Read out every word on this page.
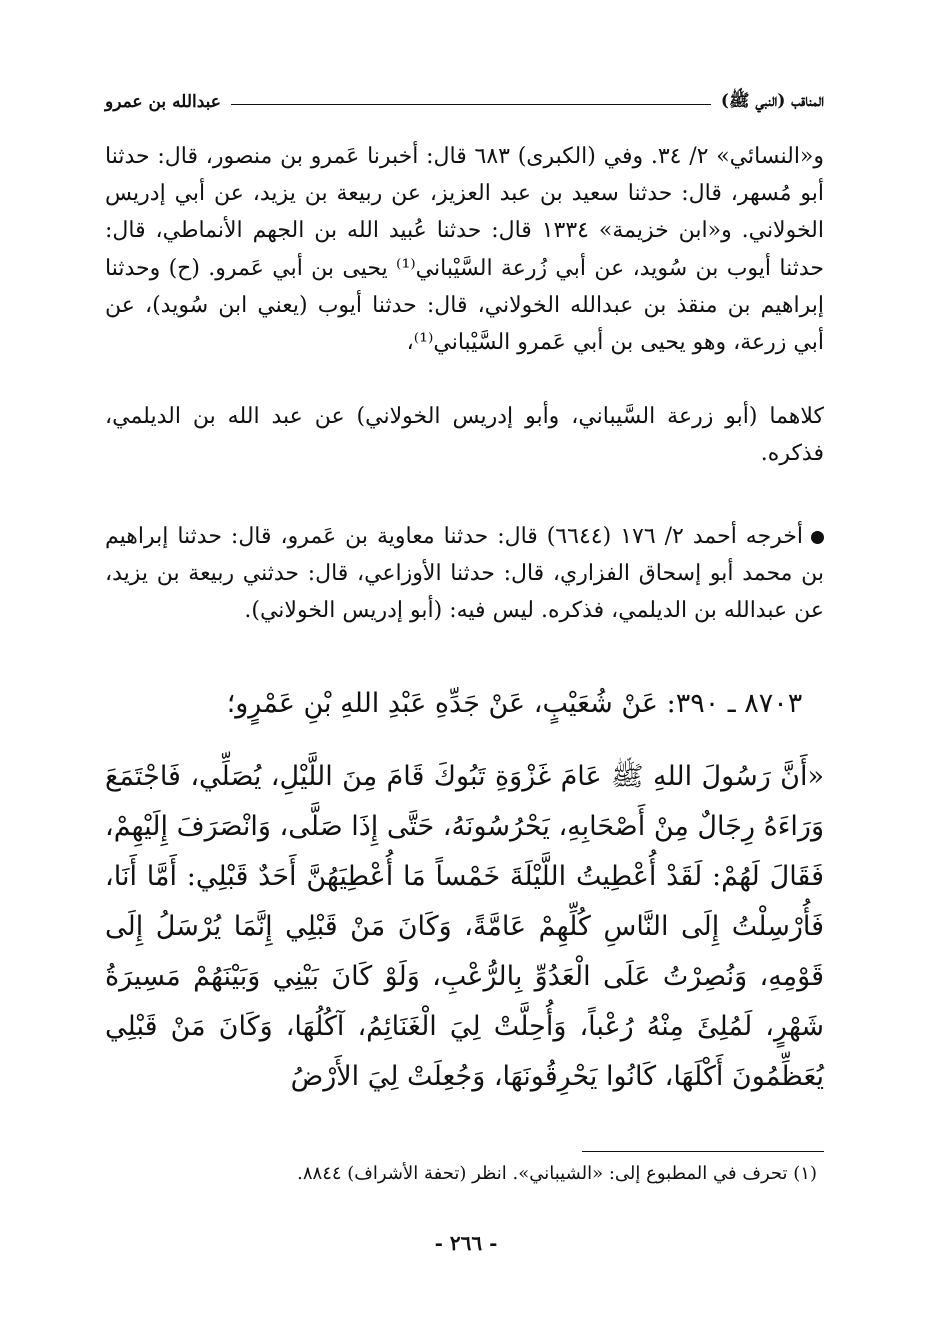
المناقب (النبي ﷺ)
عبدالله بن عمرو

و«النسائي» ٢/ ٣٤. وفي (الكبرى) ٦٨٣ قال: أخبرنا عَمرو بن منصور، قال: حدثنا أبو مُسهر، قال: حدثنا سعيد بن عبد العزيز، عن ربيعة بن يزيد، عن أبي إدريس الخولاني. و«ابن خزيمة» ١٣٣٤ قال: حدثنا عُبيد الله بن الجهم الأنماطي، قال: حدثنا أيوب بن سُويد، عن أبي زُرعة السَّيْباني⁽¹⁾ يحيى بن أبي عَمرو. (ح) وحدثنا إبراهيم بن منقذ بن عبدالله الخولاني، قال: حدثنا أيوب (يعني ابن سُويد)، عن أبي زرعة، وهو يحيى بن أبي عَمرو السَّيْباني⁽¹⁾،

كلاهما (أبو زرعة السَّيباني، وأبو إدريس الخولاني) عن عبد الله بن الديلمي، فذكره.

أخرجه أحمد ٢/ ١٧٦ (٦٦٤٤) قال: حدثنا معاوية بن عَمرو، قال: حدثنا إبراهيم بن محمد أبو إسحاق الفزاري، قال: حدثنا الأوزاعي، قال: حدثني ربيعة بن يزيد، عن عبدالله بن الديلمي، فذكره. ليس فيه: (أبو إدريس الخولاني).

٨٧٠٣ ـ ٣٩٠: عَنْ شُعَيْبٍ، عَنْ جَدِّهِ عَبْدِ اللهِ بْنِ عَمْرٍو؛
«أَنَّ رَسُولَ اللهِ ﷺ عَامَ غَزْوَةِ تَبُوكَ قَامَ مِنَ اللَّيْلِ، يُصَلِّي، فَاجْتَمَعَ وَرَاءَهُ رِجَالٌ مِنْ أَصْحَابِهِ، يَحْرُسُونَهُ، حَتَّى إِذَا صَلَّى، وَانْصَرَفَ إِلَيْهِمْ، فَقَالَ لَهُمْ: لَقَدْ أُعْطِيتُ اللَّيْلَةَ خَمْساً مَا أُعْطِيَهُنَّ أَحَدٌ قَبْلِي: أَمَّا أَنَا، فَأُرْسِلْتُ إِلَى النَّاسِ كُلِّهِمْ عَامَّةً، وَكَانَ مَنْ قَبْلِي إِنَّمَا يُرْسَلُ إِلَى قَوْمِهِ، وَنُصِرْتُ عَلَى الْعَدُوِّ بِالرُّعْبِ، وَلَوْ كَانَ بَيْنِي وَبَيْنَهُمْ مَسِيرَةُ شَهْرٍ، لَمُلِئَ مِنْهُ رُعْباً، وَأُحِلَّتْ لِيَ الْغَنَائِمُ، آكُلُهَا، وَكَانَ مَنْ قَبْلِي يُعَظِّمُونَ أَكْلَهَا، كَانُوا يَحْرِقُونَهَا، وَجُعِلَتْ لِيَ الأَرْضُ
(١) تحرف في المطبوع إلى: «الشيباني». انظر (تحفة الأشراف) ٨٨٤٤.
- ٢٦٦ -
